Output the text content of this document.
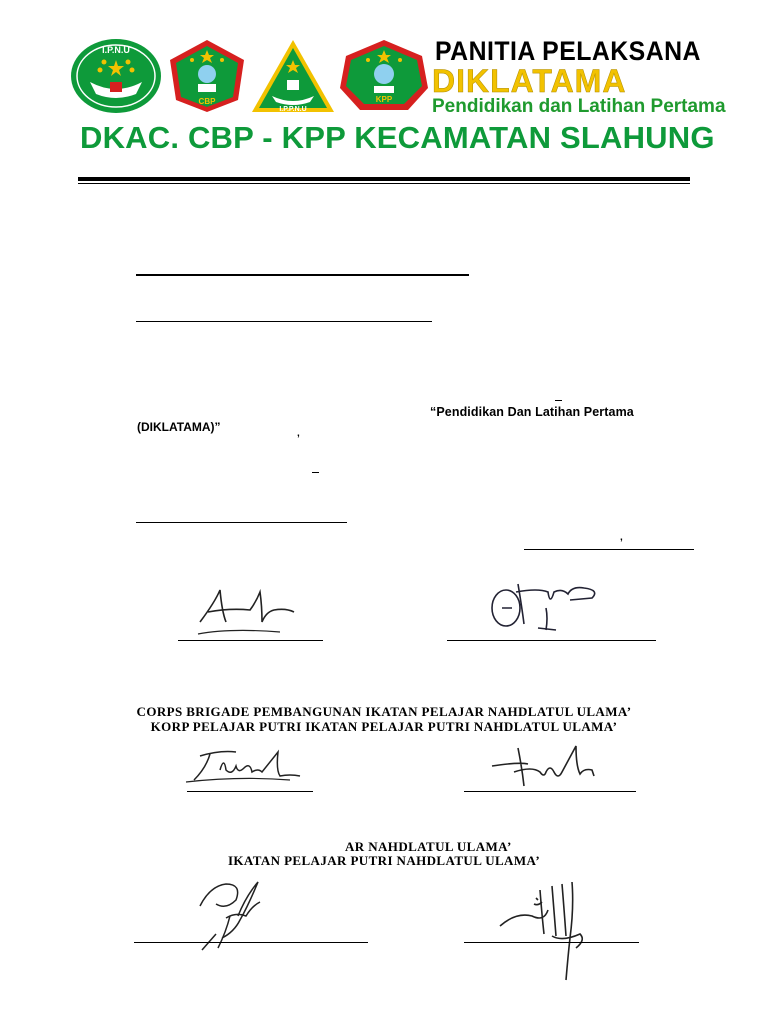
I.P.N.U
CBP
I.P.P.N.U
KPP
PANITIA PELAKSANA
DIKLATAMA
Pendidikan dan Latihan Pertama
DKAC. CBP - KPP KECAMATAN SLAHUNG
“Pendidikan Dan Latihan Pertama
(DIKLATAMA)”	,
,
CORPS BRIGADE PEMBANGUNAN IKATAN PELAJAR NAHDLATUL ULAMA’
KORP PELAJAR PUTRI IKATAN PELAJAR PUTRI NAHDLATUL ULAMA’
AR NAHDLATUL ULAMA’
IKATAN PELAJAR PUTRI NAHDLATUL ULAMA’
